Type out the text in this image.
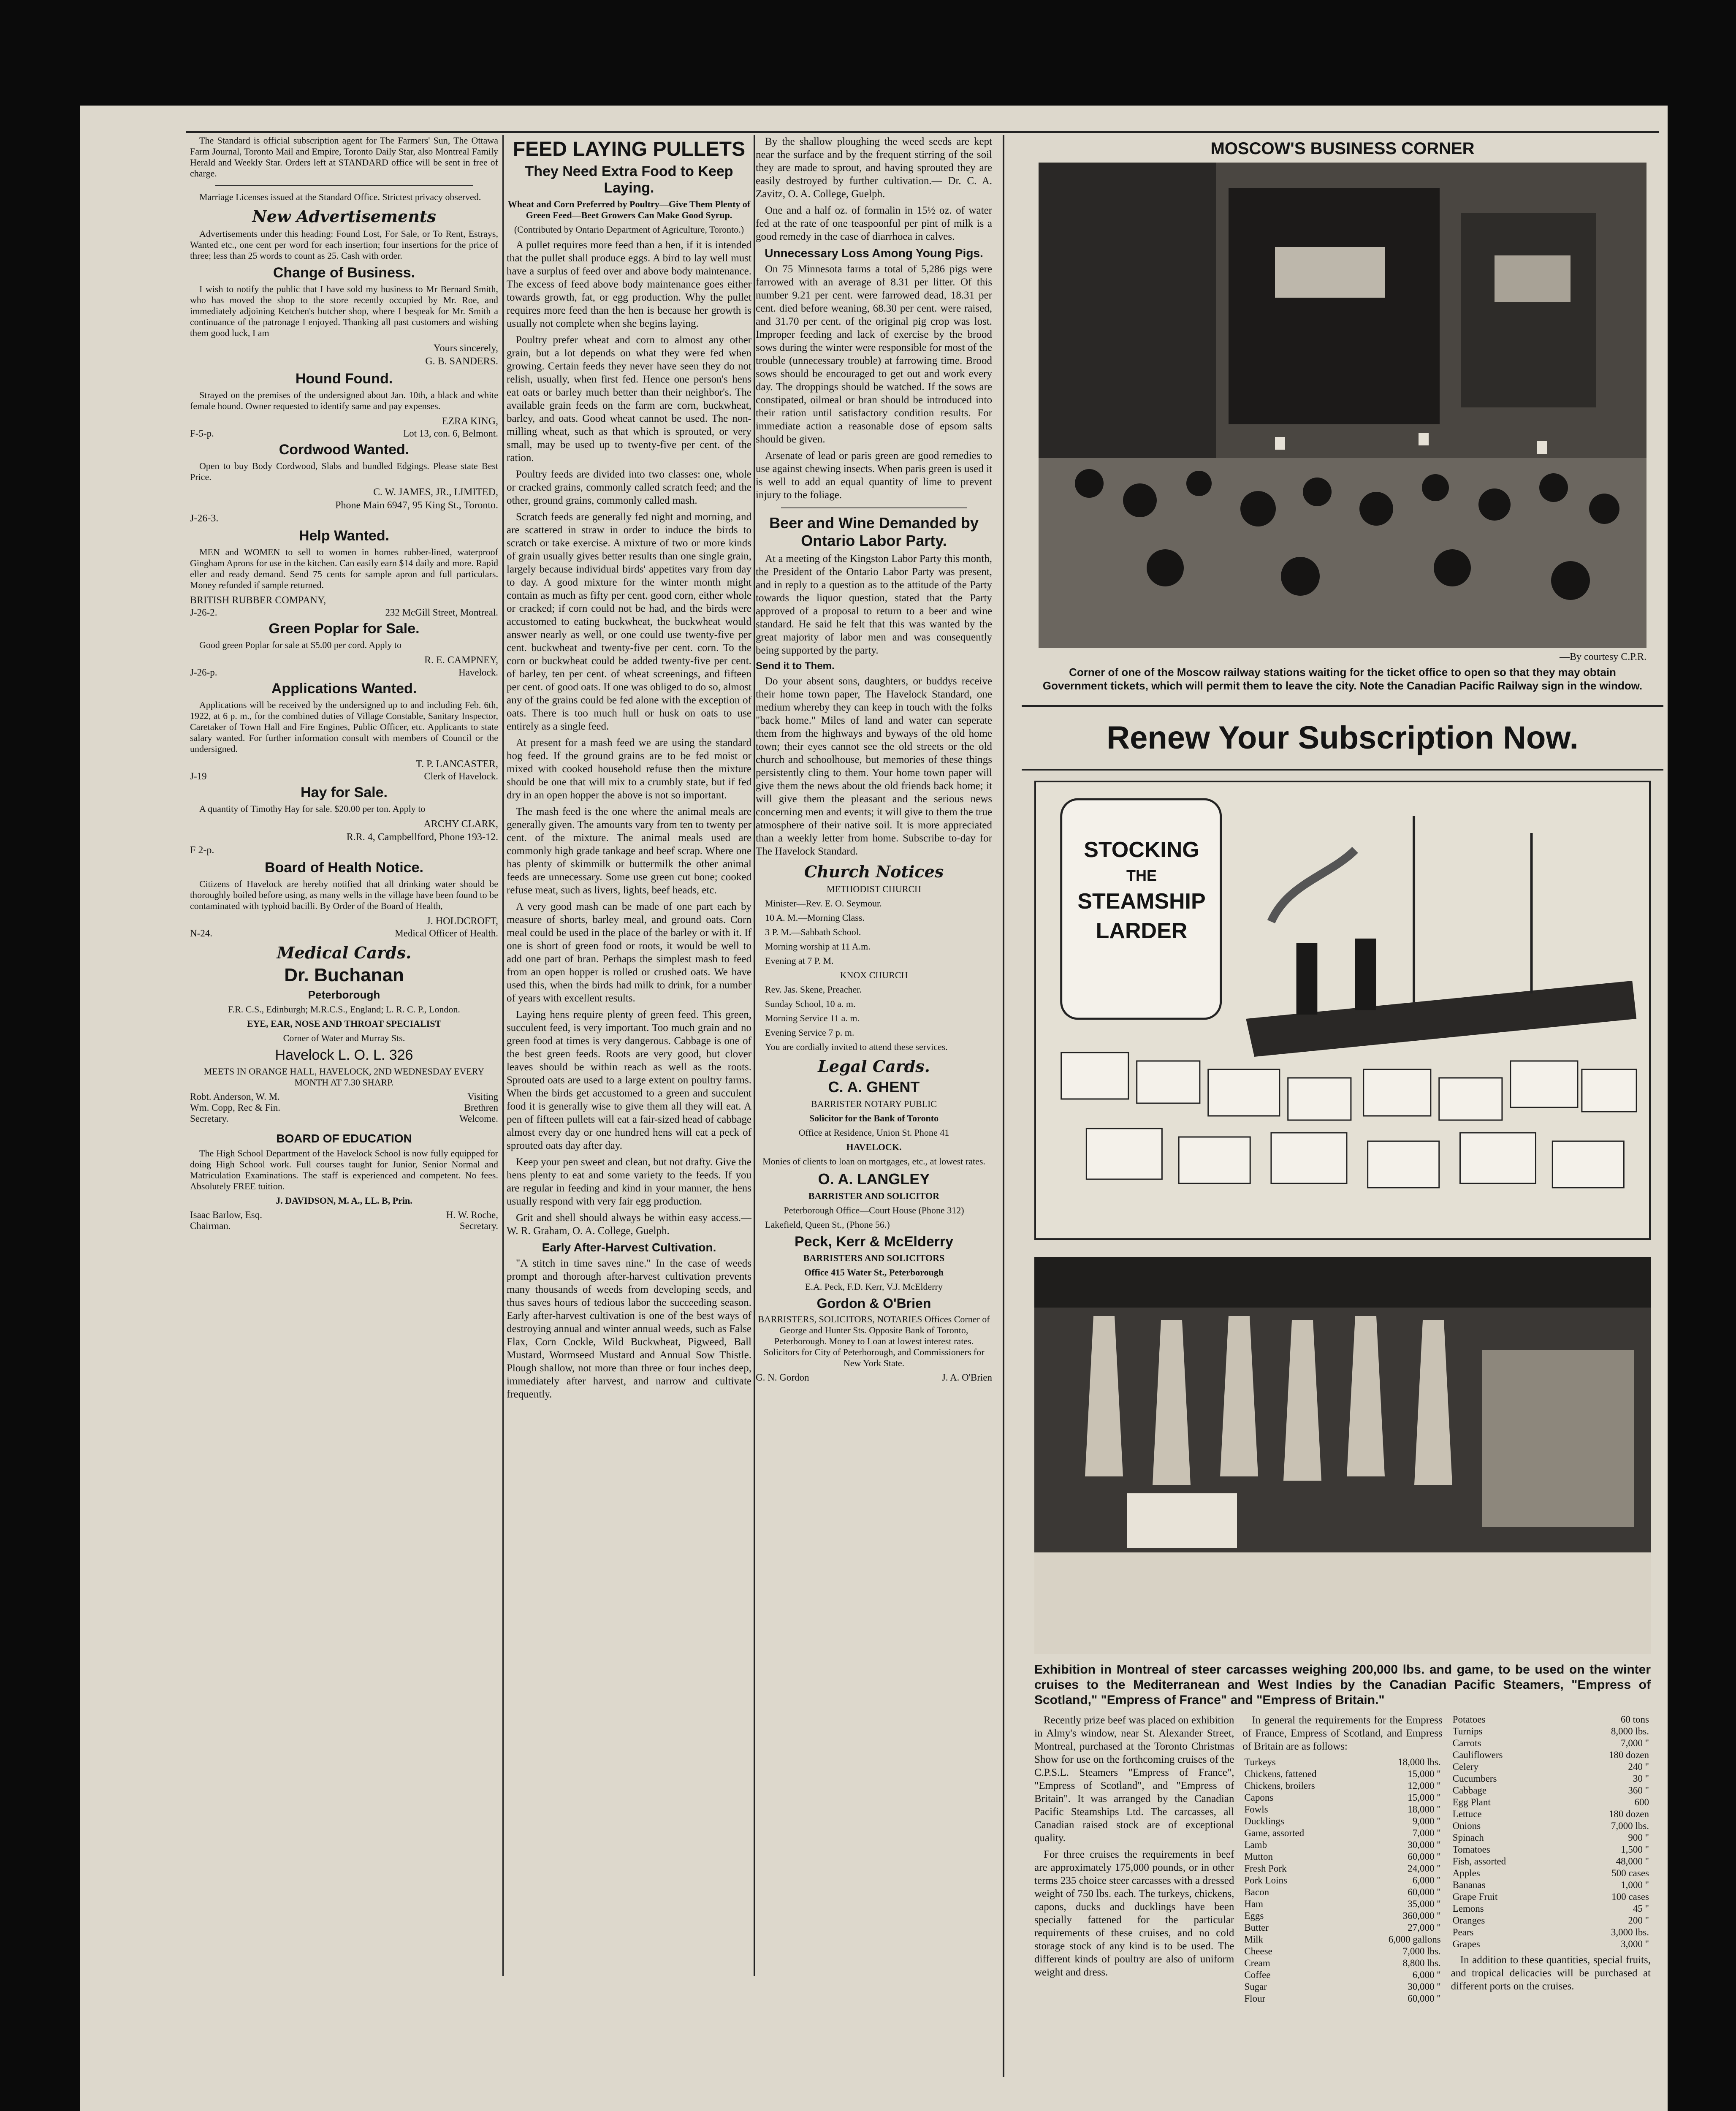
The Standard is official subscription agent for The Farmers' Sun, The Ottawa Farm Journal, Toronto Mail and Empire, Toronto Daily Star, also Montreal Family Herald and Weekly Star. Orders left at STANDARD office will be sent in free of charge.

Marriage Licenses issued at the Standard Office. Strictest privacy observed.

New Advertisements

Advertisements under this heading: Found Lost, For Sale, or To Rent, Estrays, Wanted etc., one cent per word for each insertion; four insertions for the price of three; less than 25 words to count as 25. Cash with order.

Change of Business.

I wish to notify the public that I have sold my business to Mr Bernard Smith, who has moved the shop to the store recently occupied by Mr. Roe, and immediately adjoining Ketchen's butcher shop, where I bespeak for Mr. Smith a continuance of the patronage I enjoyed. Thanking all past customers and wishing them good luck, I am

Yours sincerely,

G. B. SANDERS.

Hound Found.

Strayed on the premises of the undersigned about Jan. 10th, a black and white female hound. Owner requested to identify same and pay expenses.

EZRA KING,

F-5-p.	Lot 13, con. 6, Belmont.
Cordwood Wanted.

Open to buy Body Cordwood, Slabs and bundled Edgings. Please state Best Price.

C. W. JAMES, JR., LIMITED,

Phone Main 6947, 95 King St., Toronto.

J-26-3.

Help Wanted.

MEN and WOMEN to sell to women in homes rubber-lined, waterproof Gingham Aprons for use in the kitchen. Can easily earn $14 daily and more. Rapid eller and ready demand. Send 75 cents for sample apron and full particulars. Money refunded if sample returned.

BRITISH RUBBER COMPANY,

J-26-2.	232 McGill Street, Montreal.
Green Poplar for Sale.

Good green Poplar for sale at $5.00 per cord. Apply to

R. E. CAMPNEY,

J-26-p.	Havelock.
Applications Wanted.

Applications will be received by the undersigned up to and including Feb. 6th, 1922, at 6 p. m., for the combined duties of Village Constable, Sanitary Inspector, Caretaker of Town Hall and Fire Engines, Public Officer, etc. Applicants to state salary wanted. For further information consult with members of Council or the undersigned.

T. P. LANCASTER,

J-19	Clerk of Havelock.
Hay for Sale.

A quantity of Timothy Hay for sale. $20.00 per ton. Apply to

ARCHY CLARK,

R.R. 4, Campbellford, Phone 193-12.

F 2-p.

Board of Health Notice.

Citizens of Havelock are hereby notified that all drinking water should be thoroughly boiled before using, as many wells in the village have been found to be contaminated with typhoid bacilli. By Order of the Board of Health,

J. HOLDCROFT,

N-24.	Medical Officer of Health.
Medical Cards.
Dr. Buchanan
Peterborough

F.R. C.S., Edinburgh; M.R.C.S., England; L. R. C. P., London.

EYE, EAR, NOSE AND THROAT SPECIALIST

Corner of Water and Murray Sts.

Havelock L. O. L. 326

MEETS IN ORANGE HALL, HAVELOCK, 2ND WEDNESDAY EVERY MONTH AT 7.30 SHARP.

Robt. Anderson, W. M.	Visiting
Wm. Copp, Rec & Fin.	Brethren
Secretary.	Welcome.
BOARD OF EDUCATION

The High School Department of the Havelock School is now fully equipped for doing High School work. Full courses taught for Junior, Senior Normal and Matriculation Examinations. The staff is experienced and competent. No fees. Absolutely FREE tuition.

J. DAVIDSON, M. A., LL. B, Prin.

Isaac Barlow, Esq.	H. W. Roche,
Chairman.	Secretary.
FEED LAYING PULLETS
They Need Extra Food to Keep Laying.

Wheat and Corn Preferred by Poultry—Give Them Plenty of Green Feed—Beet Growers Can Make Good Syrup.

(Contributed by Ontario Department of Agriculture, Toronto.)

A pullet requires more feed than a hen, if it is intended that the pullet shall produce eggs. A bird to lay well must have a surplus of feed over and above body maintenance. The excess of feed above body maintenance goes either towards growth, fat, or egg production. Why the pullet requires more feed than the hen is because her growth is usually not complete when she begins laying.

Poultry prefer wheat and corn to almost any other grain, but a lot depends on what they were fed when growing. Certain feeds they never have seen they do not relish, usually, when first fed. Hence one person's hens eat oats or barley much better than their neighbor's. The available grain feeds on the farm are corn, buckwheat, barley, and oats. Good wheat cannot be used. The non-milling wheat, such as that which is sprouted, or very small, may be used up to twenty-five per cent. of the ration.

Poultry feeds are divided into two classes: one, whole or cracked grains, commonly called scratch feed; and the other, ground grains, commonly called mash.

Scratch feeds are generally fed night and morning, and are scattered in straw in order to induce the birds to scratch or take exercise. A mixture of two or more kinds of grain usually gives better results than one single grain, largely because individual birds' appetites vary from day to day. A good mixture for the winter month might contain as much as fifty per cent. good corn, either whole or cracked; if corn could not be had, and the birds were accustomed to eating buckwheat, the buckwheat would answer nearly as well, or one could use twenty-five per cent. buckwheat and twenty-five per cent. corn. To the corn or buckwheat could be added twenty-five per cent. of barley, ten per cent. of wheat screenings, and fifteen per cent. of good oats. If one was obliged to do so, almost any of the grains could be fed alone with the exception of oats. There is too much hull or husk on oats to use entirely as a single feed.

At present for a mash feed we are using the standard hog feed. If the ground grains are to be fed moist or mixed with cooked household refuse then the mixture should be one that will mix to a crumbly state, but if fed dry in an open hopper the above is not so important.

The mash feed is the one where the animal meals are generally given. The amounts vary from ten to twenty per cent. of the mixture. The animal meals used are commonly high grade tankage and beef scrap. Where one has plenty of skimmilk or buttermilk the other animal feeds are unnecessary. Some use green cut bone; cooked refuse meat, such as livers, lights, beef heads, etc.

A very good mash can be made of one part each by measure of shorts, barley meal, and ground oats. Corn meal could be used in the place of the barley or with it. If one is short of green food or roots, it would be well to add one part of bran. Perhaps the simplest mash to feed from an open hopper is rolled or crushed oats. We have used this, when the birds had milk to drink, for a number of years with excellent results.

Laying hens require plenty of green feed. This green, succulent feed, is very important. Too much grain and no green food at times is very dangerous. Cabbage is one of the best green feeds. Roots are very good, but clover leaves should be within reach as well as the roots. Sprouted oats are used to a large extent on poultry farms. When the birds get accustomed to a green and succulent food it is generally wise to give them all they will eat. A pen of fifteen pullets will eat a fair-sized head of cabbage almost every day or one hundred hens will eat a peck of sprouted oats day after day.

Keep your pen sweet and clean, but not drafty. Give the hens plenty to eat and some variety to the feeds. If you are regular in feeding and kind in your manner, the hens usually respond with very fair egg production.

Grit and shell should always be within easy access.—W. R. Graham, O. A. College, Guelph.

Early After-Harvest Cultivation.

"A stitch in time saves nine." In the case of weeds prompt and thorough after-harvest cultivation prevents many thousands of weeds from developing seeds, and thus saves hours of tedious labor the succeeding season. Early after-harvest cultivation is one of the best ways of destroying annual and winter annual weeds, such as False Flax, Corn Cockle, Wild Buckwheat, Pigweed, Ball Mustard, Wormseed Mustard and Annual Sow Thistle. Plough shallow, not more than three or four inches deep, immediately after harvest, and narrow and cultivate frequently.

By the shallow ploughing the weed seeds are kept near the surface and by the frequent stirring of the soil they are made to sprout, and having sprouted they are easily destroyed by further cultivation.— Dr. C. A. Zavitz, O. A. College, Guelph.

One and a half oz. of formalin in 15½ oz. of water fed at the rate of one teaspoonful per pint of milk is a good remedy in the case of diarrhoea in calves.

Unnecessary Loss Among Young Pigs.

On 75 Minnesota farms a total of 5,286 pigs were farrowed with an average of 8.31 per litter. Of this number 9.21 per cent. were farrowed dead, 18.31 per cent. died before weaning, 68.30 per cent. were raised, and 31.70 per cent. of the original pig crop was lost. Improper feeding and lack of exercise by the brood sows during the winter were responsible for most of the trouble (unnecessary trouble) at farrowing time. Brood sows should be encouraged to get out and work every day. The droppings should be watched. If the sows are constipated, oilmeal or bran should be introduced into their ration until satisfactory condition results. For immediate action a reasonable dose of epsom salts should be given.

Arsenate of lead or paris green are good remedies to use against chewing insects. When paris green is used it is well to add an equal quantity of lime to prevent injury to the foliage.

Beer and Wine Demanded by Ontario Labor Party.

At a meeting of the Kingston Labor Party this month, the President of the Ontario Labor Party was present, and in reply to a question as to the attitude of the Party towards the liquor question, stated that the Party approved of a proposal to return to a beer and wine standard. He said he felt that this was wanted by the great majority of labor men and was consequently being supported by the party.

Send it to Them.

Do your absent sons, daughters, or buddys receive their home town paper, The Havelock Standard, one medium whereby they can keep in touch with the folks "back home." Miles of land and water can seperate them from the highways and byways of the old home town; their eyes cannot see the old streets or the old church and schoolhouse, but memories of these things persistently cling to them. Your home town paper will give them the news about the old friends back home; it will give them the pleasant and the serious news concerning men and events; it will give to them the true atmosphere of their native soil. It is more appreciated than a weekly letter from home. Subscribe to-day for The Havelock Standard.

Church Notices

METHODIST CHURCH

Minister—Rev. E. O. Seymour.

10 A. M.—Morning Class.

3 P. M.—Sabbath School.

Morning worship at 11 A.m.

Evening at 7 P. M.

KNOX CHURCH

Rev. Jas. Skene, Preacher.

Sunday School, 10 a. m.

Morning Service 11 a. m.

Evening Service 7 p. m.

You are cordially invited to attend these services.

Legal Cards.
C. A. GHENT

BARRISTER NOTARY PUBLIC

Solicitor for the Bank of Toronto

Office at Residence, Union St. Phone 41

HAVELOCK.

Monies of clients to loan on mortgages, etc., at lowest rates.

O. A. LANGLEY

BARRISTER AND SOLICITOR

Peterborough Office—Court House (Phone 312)

Lakefield, Queen St., (Phone 56.)

Peck, Kerr & McElderry

BARRISTERS AND SOLICITORS

Office 415 Water St., Peterborough

E.A. Peck, F.D. Kerr, V.J. McElderry

Gordon & O'Brien

BARRISTERS, SOLICITORS, NOTARIES Offices Corner of George and Hunter Sts. Opposite Bank of Toronto, Peterborough. Money to Loan at lowest interest rates. Solicitors for City of Peterborough, and Commissioners for New York State.

G. N. Gordon	J. A. O'Brien
MOSCOW'S BUSINESS CORNER

—By courtesy C.P.R.

Corner of one of the Moscow railway stations waiting for the ticket office to open so that they may obtain Government tickets, which will permit them to leave the city. Note the Canadian Pacific Railway sign in the window.
Renew Your Subscription Now.
STOCKING
THE
STEAMSHIP
LARDER
Exhibition in Montreal of steer carcasses weighing 200,000 lbs. and game, to be used on the winter cruises to the Mediterranean and West Indies by the Canadian Pacific Steamers, "Empress of Scotland," "Empress of France" and "Empress of Britain."

Recently prize beef was placed on exhibition in Almy's window, near St. Alexander Street, Montreal, purchased at the Toronto Christmas Show for use on the forthcoming cruises of the C.P.S.L. Steamers "Empress of France", "Empress of Scotland", and "Empress of Britain". It was arranged by the Canadian Pacific Steamships Ltd. The carcasses, all Canadian raised stock are of exceptional quality.

For three cruises the requirements in beef are approximately 175,000 pounds, or in other terms 235 choice steer carcasses with a dressed weight of 750 lbs. each. The turkeys, chickens, capons, ducks and ducklings have been specially fattened for the particular requirements of these cruises, and no cold storage stock of any kind is to be used. The different kinds of poultry are also of uniform weight and dress.

In general the requirements for the Empress of France, Empress of Scotland, and Empress of Britain are as follows:

Turkeys	18,000 lbs.
Chickens, fattened	15,000 "
Chickens, broilers	12,000 "
Capons	15,000 "
Fowls	18,000 "
Ducklings	9,000 "
Game, assorted	7,000 "
Lamb	30,000 "
Mutton	60,000 "
Fresh Pork	24,000 "
Pork Loins	6,000 "
Bacon	60,000 "
Ham	35,000 "
Eggs	360,000 "
Butter	27,000 "
Milk	6,000 gallons
Cheese	7,000 lbs.
Cream	8,800 lbs.
Coffee	6,000 "
Sugar	30,000 "
Flour	60,000 "
Potatoes	60 tons
Turnips	8,000 lbs.
Carrots	7,000 "
Cauliflowers	180 dozen
Celery	240 "
Cucumbers	30 "
Cabbage	360 "
Egg Plant	600
Lettuce	180 dozen
Onions	7,000 lbs.
Spinach	900 "
Tomatoes	1,500 "
Fish, assorted	48,000 "
Apples	500 cases
Bananas	1,000 "
Grape Fruit	100 cases
Lemons	45 "
Oranges	200 "
Pears	3,000 lbs.
Grapes	3,000 "

In addition to these quantities, special fruits, and tropical delicacies will be purchased at different ports on the cruises.
